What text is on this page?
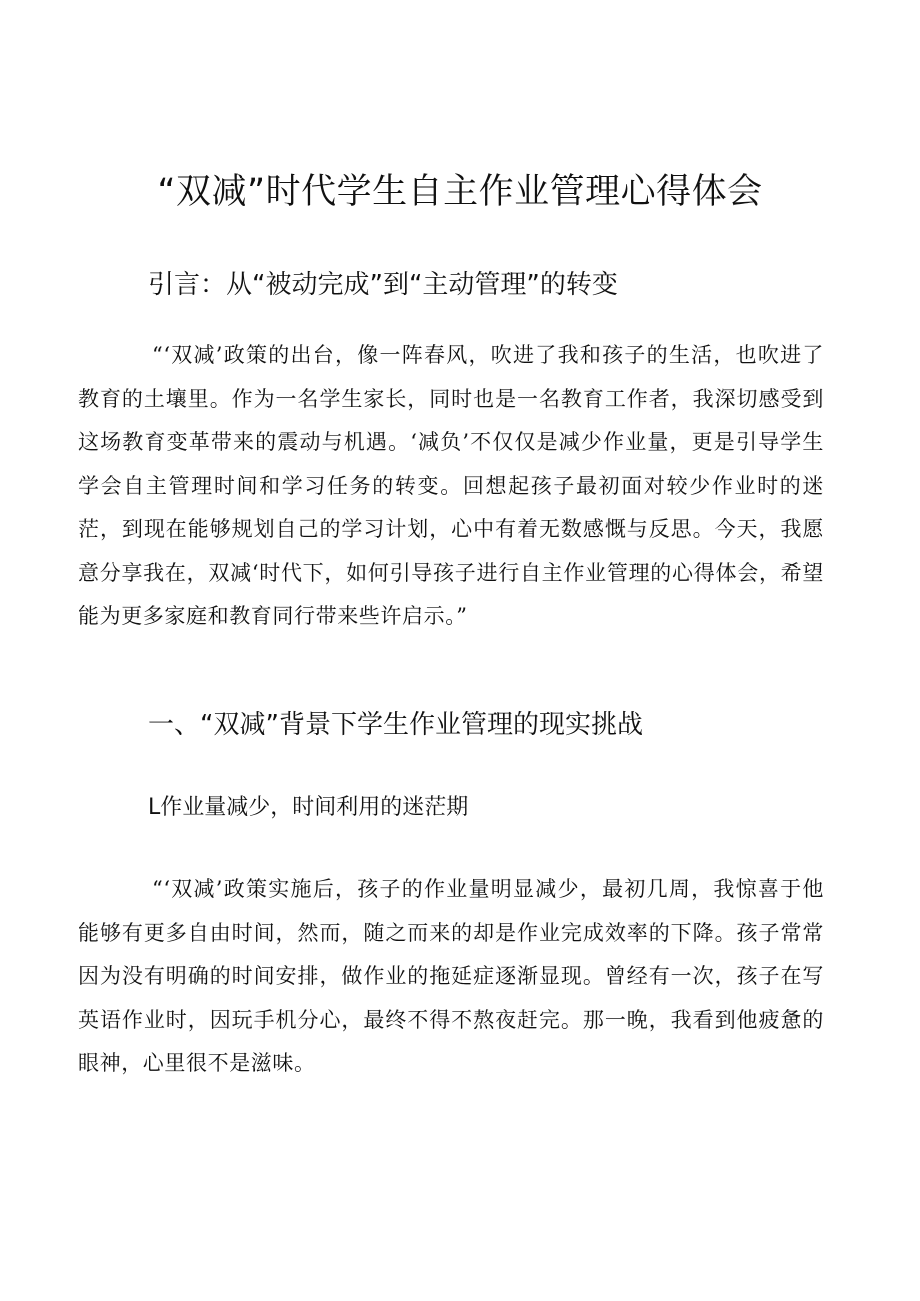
“双减”时代学生自主作业管理心得体会
引言：从“被动完成”到“主动管理”的转变

“‘双减’政策的出台，像一阵春风，吹进了我和孩子的生活，也吹进了教育的土壤里。作为一名学生家长，同时也是一名教育工作者，我深切感受到这场教育变革带来的震动与机遇。‘减负’不仅仅是减少作业量，更是引导学生学会自主管理时间和学习任务的转变。回想起孩子最初面对较少作业时的迷茫，到现在能够规划自己的学习计划，心中有着无数感慨与反思。今天，我愿意分享我在，双减‘时代下，如何引导孩子进行自主作业管理的心得体会，希望能为更多家庭和教育同行带来些许启示。”

一、“双减”背景下学生作业管理的现实挑战
L作业量减少，时间利用的迷茫期

“‘双减’政策实施后，孩子的作业量明显减少，最初几周，我惊喜于他能够有更多自由时间，然而，随之而来的却是作业完成效率的下降。孩子常常因为没有明确的时间安排，做作业的拖延症逐渐显现。曾经有一次，孩子在写英语作业时，因玩手机分心，最终不得不熬夜赶完。那一晚，我看到他疲惫的眼神，心里很不是滋味。
